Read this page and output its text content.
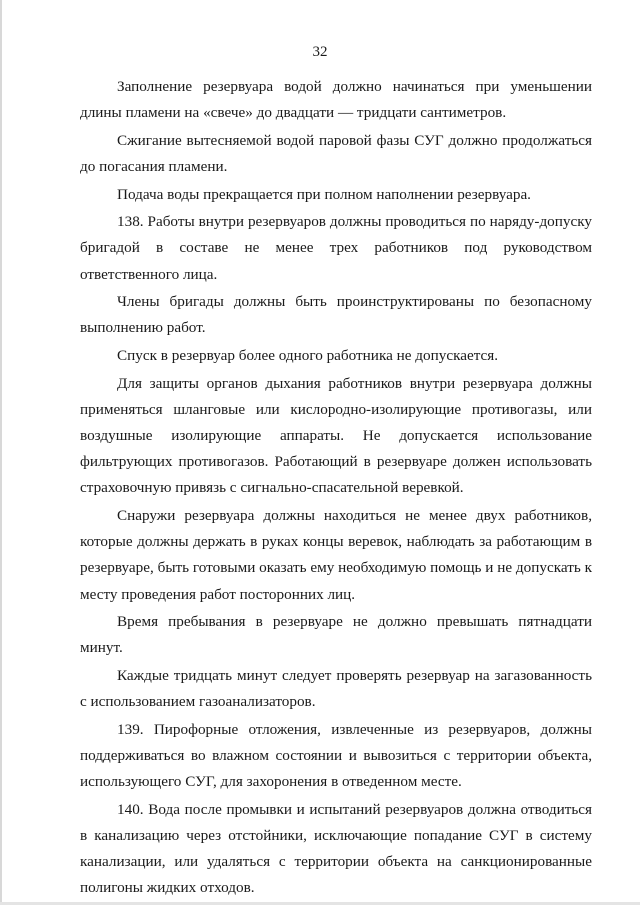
32

Заполнение резервуара водой должно начинаться при уменьшении длины пламени на «свече» до двадцати — тридцати сантиметров.

Сжигание вытесняемой водой паровой фазы СУГ должно продолжаться до погасания пламени.

Подача воды прекращается при полном наполнении резервуара.

138. Работы внутри резервуаров должны проводиться по наряду-допуску бригадой в составе не менее трех работников под руководством ответственного лица.

Члены бригады должны быть проинструктированы по безопасному выполнению работ.

Спуск в резервуар более одного работника не допускается.

Для защиты органов дыхания работников внутри резервуара должны применяться шланговые или кислородно-изолирующие противогазы, или воздушные изолирующие аппараты. Не допускается использование фильтрующих противогазов. Работающий в резервуаре должен использовать страховочную привязь с сигнально-спасательной веревкой.

Снаружи резервуара должны находиться не менее двух работников, которые должны держать в руках концы веревок, наблюдать за работающим в резервуаре, быть готовыми оказать ему необходимую помощь и не допускать к месту проведения работ посторонних лиц.

Время пребывания в резервуаре не должно превышать пятнадцати минут.

Каждые тридцать минут следует проверять резервуар на загазованность с использованием газоанализаторов.

139. Пирофорные отложения, извлеченные из резервуаров, должны поддерживаться во влажном состоянии и вывозиться с территории объекта, использующего СУГ, для захоронения в отведенном месте.

140. Вода после промывки и испытаний резервуаров должна отводиться в канализацию через отстойники, исключающие попадание СУГ в систему канализации, или удаляться с территории объекта на санкционированные полигоны жидких отходов.
